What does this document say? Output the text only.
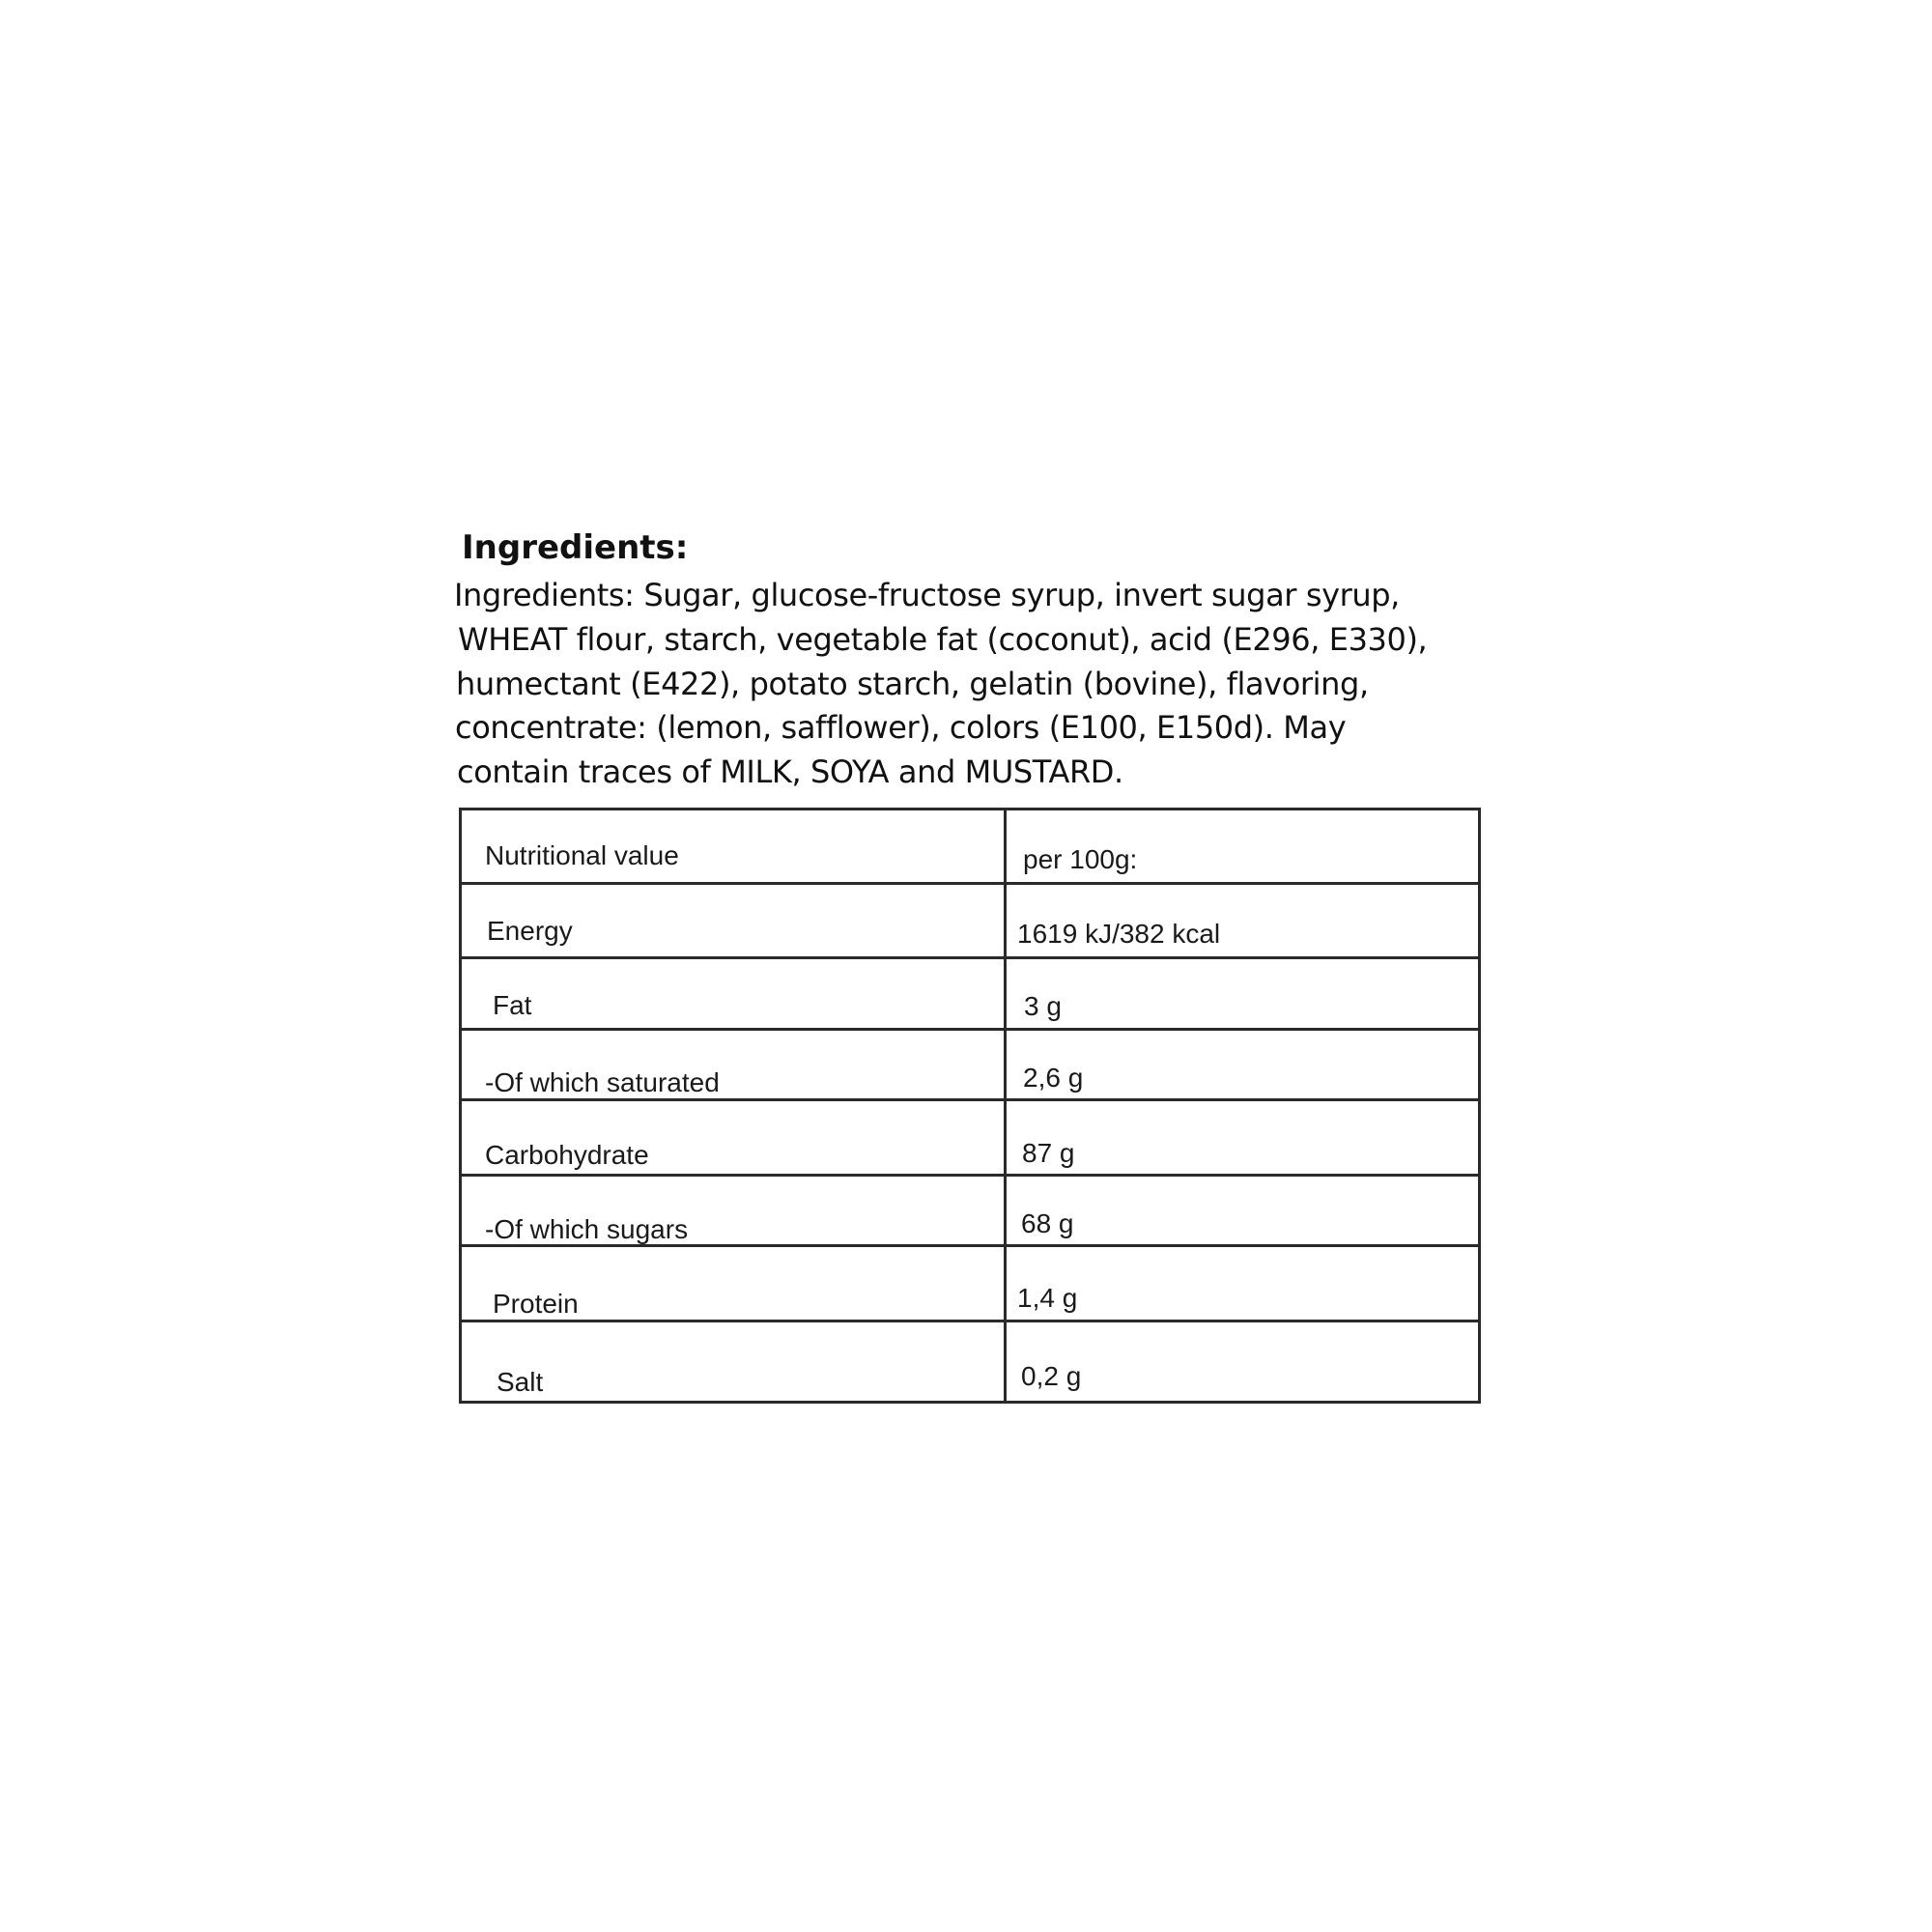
Ingredients:
Ingredients: Sugar, glucose-fructose syrup, invert sugar syrup,
WHEAT flour, starch, vegetable fat (coconut), acid (E296, E330),
humectant (E422), potato starch, gelatin (bovine), flavoring,
concentrate: (lemon, safflower), colors (E100, E150d). May
contain traces of MILK, SOYA and MUSTARD.
Nutritional value	per 100g:
Energy	1619 kJ/382 kcal
Fat	3 g
-Of which saturated	2,6 g
Carbohydrate	87 g
-Of which sugars	68 g
Protein	1,4 g
Salt	0,2 g
